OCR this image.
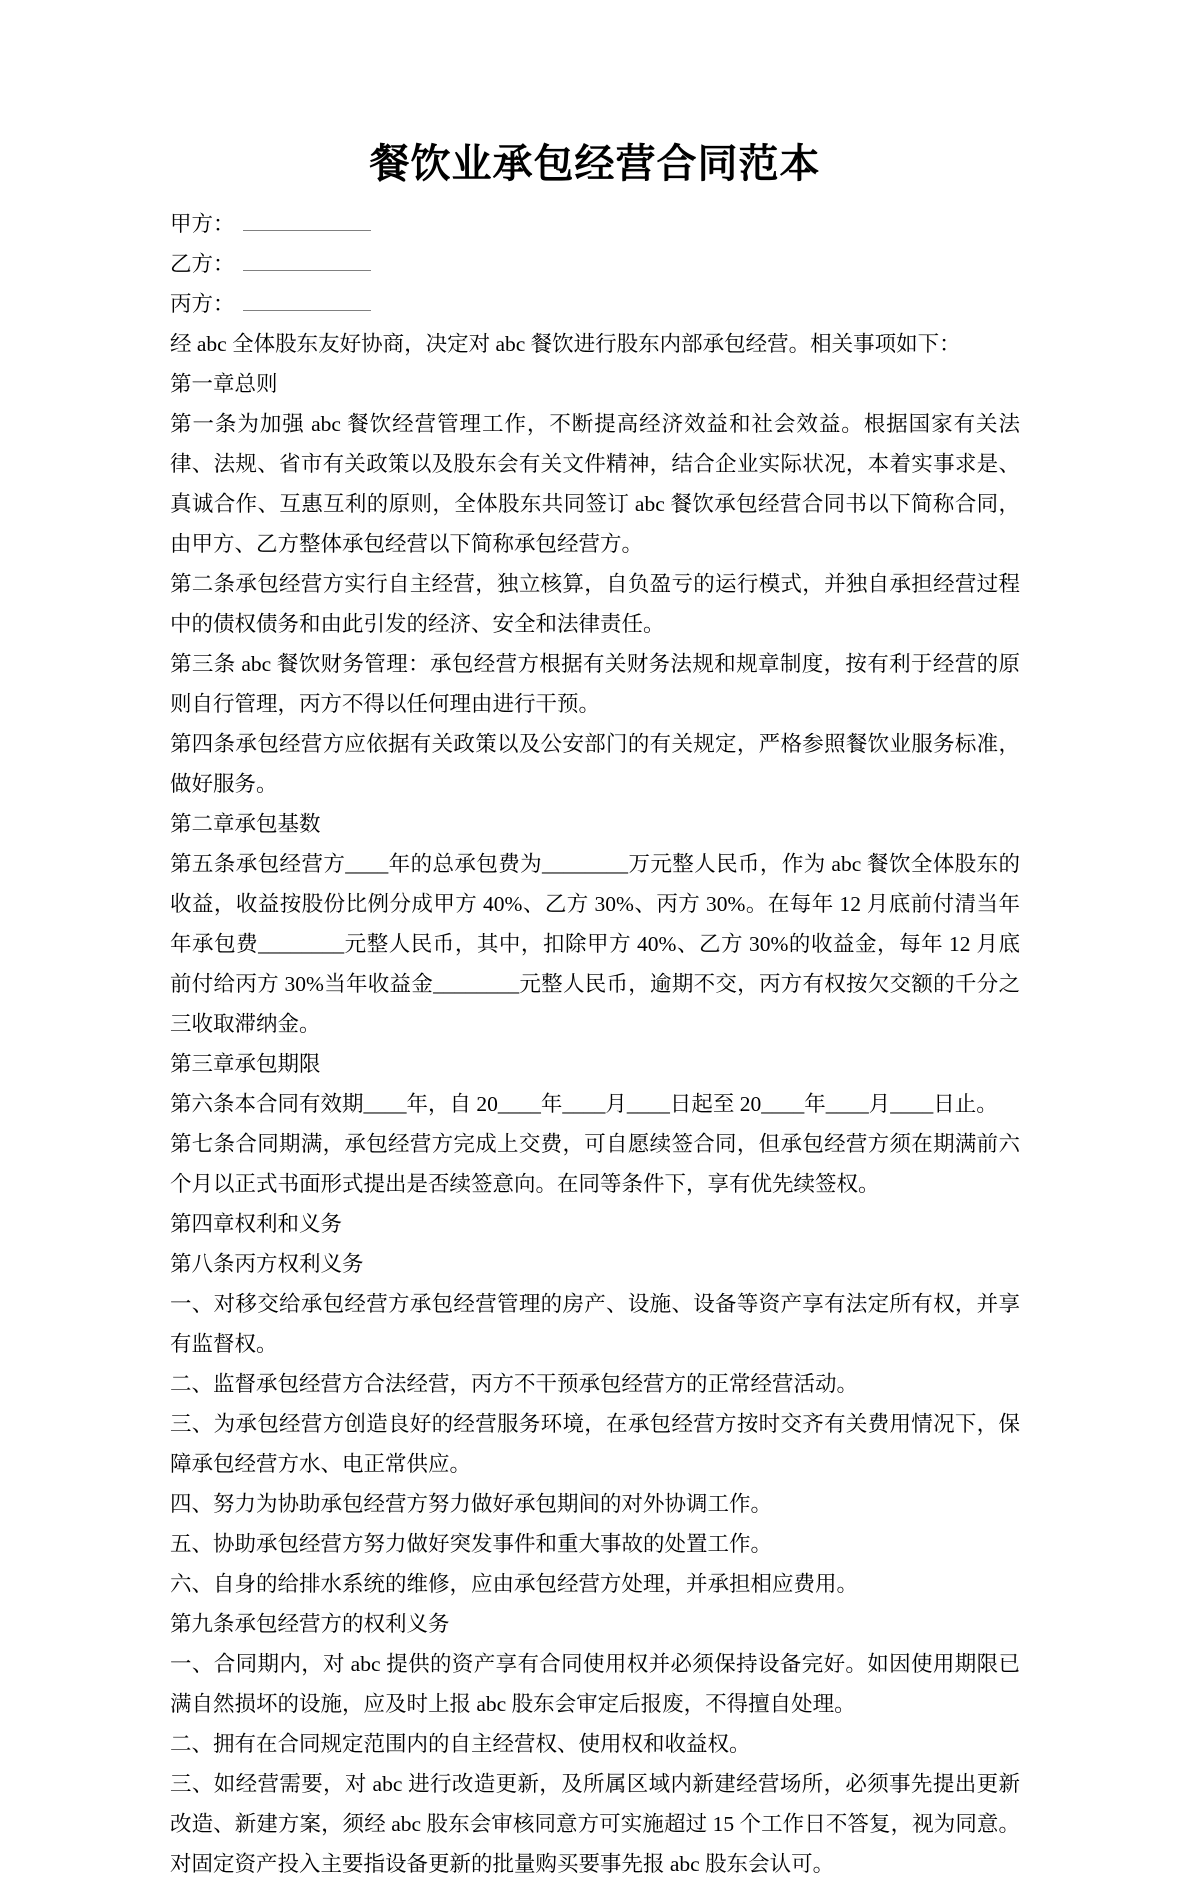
餐饮业承包经营合同范本
甲方：
乙方：
丙方：

经 abc 全体股东友好协商，决定对 abc 餐饮进行股东内部承包经营。相关事项如下：

第一章总则

第一条为加强 abc 餐饮经营管理工作，不断提高经济效益和社会效益。根据国家有关法律、法规、省市有关政策以及股东会有关文件精神，结合企业实际状况，本着实事求是、真诚合作、互惠互利的原则，全体股东共同签订 abc 餐饮承包经营合同书以下简称合同，由甲方、乙方整体承包经营以下简称承包经营方。

第二条承包经营方实行自主经营，独立核算，自负盈亏的运行模式，并独自承担经营过程中的债权债务和由此引发的经济、安全和法律责任。

第三条 abc 餐饮财务管理：承包经营方根据有关财务法规和规章制度，按有利于经营的原则自行管理，丙方不得以任何理由进行干预。

第四条承包经营方应依据有关政策以及公安部门的有关规定，严格参照餐饮业服务标准，做好服务。

第二章承包基数

第五条承包经营方____年的总承包费为________万元整人民币，作为 abc 餐饮全体股东的收益，收益按股份比例分成甲方 40%、乙方 30%、丙方 30%。在每年 12 月底前付清当年年承包费________元整人民币，其中，扣除甲方 40%、乙方 30%的收益金，每年 12 月底前付给丙方 30%当年收益金________元整人民币，逾期不交，丙方有权按欠交额的千分之三收取滞纳金。

第三章承包期限

第六条本合同有效期____年，自 20____年____月____日起至 20____年____月____日止。

第七条合同期满，承包经营方完成上交费，可自愿续签合同，但承包经营方须在期满前六个月以正式书面形式提出是否续签意向。在同等条件下，享有优先续签权。

第四章权利和义务

第八条丙方权利义务

一、对移交给承包经营方承包经营管理的房产、设施、设备等资产享有法定所有权，并享有监督权。

二、监督承包经营方合法经营，丙方不干预承包经营方的正常经营活动。

三、为承包经营方创造良好的经营服务环境，在承包经营方按时交齐有关费用情况下，保障承包经营方水、电正常供应。

四、努力为协助承包经营方努力做好承包期间的对外协调工作。

五、协助承包经营方努力做好突发事件和重大事故的处置工作。

六、自身的给排水系统的维修，应由承包经营方处理，并承担相应费用。

第九条承包经营方的权利义务

一、合同期内，对 abc 提供的资产享有合同使用权并必须保持设备完好。如因使用期限已满自然损坏的设施，应及时上报 abc 股东会审定后报废，不得擅自处理。

二、拥有在合同规定范围内的自主经营权、使用权和收益权。

三、如经营需要，对 abc 进行改造更新，及所属区域内新建经营场所，必须事先提出更新改造、新建方案，须经 abc 股东会审核同意方可实施超过 15 个工作日不答复，视为同意。对固定资产投入主要指设备更新的批量购买要事先报 abc 股东会认可。
